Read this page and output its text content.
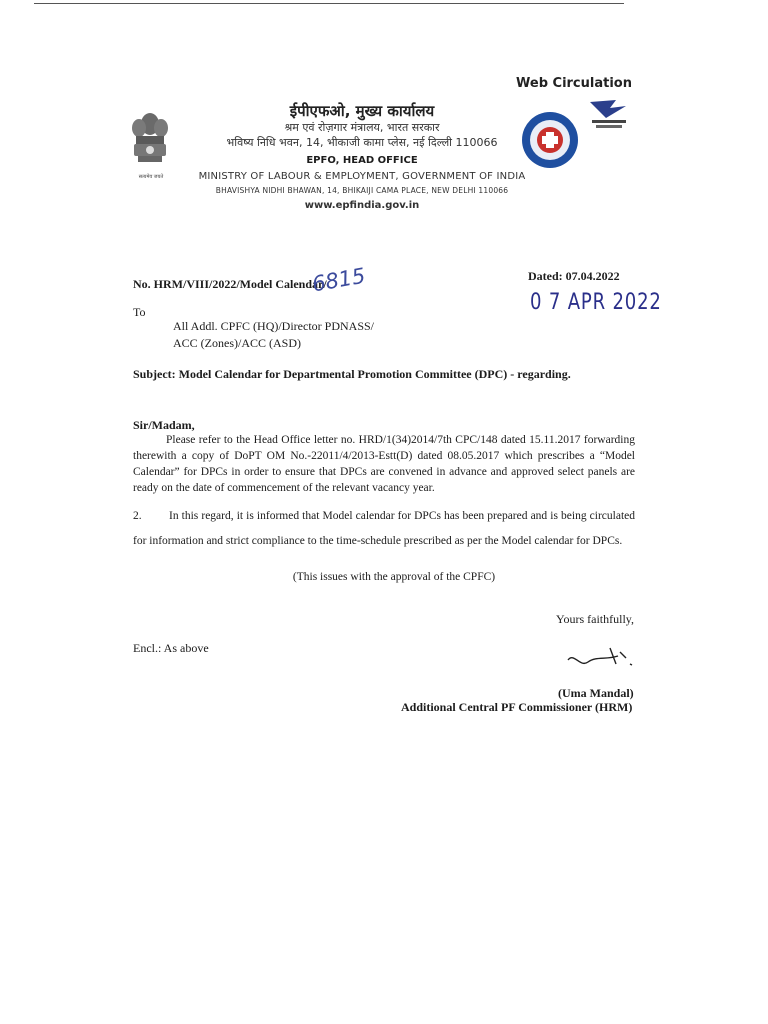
Web Circulation
सत्यमेव जयते
ईपीएफओ, मुख्य कार्यालय
श्रम एवं रोज़गार मंत्रालय, भारत सरकार
भविष्य निधि भवन, 14, भीकाजी कामा प्लेस, नई दिल्ली 110066
EPFO, HEAD OFFICE
MINISTRY OF LABOUR & EMPLOYMENT, GOVERNMENT OF INDIA
BHAVISHYA NIDHI BHAWAN, 14, BHIKAIJI CAMA PLACE, NEW DELHI 110066
www.epfindia.gov.in
No. HRM/VIII/2022/Model Calendar/
6815	Dated: 07.04.2022
0 7 APR 2022
To
All Addl. CPFC (HQ)/Director PDNASS/
ACC (Zones)/ACC (ASD)
Subject: Model Calendar for Departmental Promotion Committee (DPC) - regarding.
Sir/Madam,
Please refer to the Head Office letter no. HRD/1(34)2014/7th CPC/148 dated 15.11.2017 forwarding therewith a copy of DoPT OM No.-22011/4/2013-Estt(D) dated 08.05.2017 which prescribes a “Model Calendar” for DPCs in order to ensure that DPCs are convened in advance and approved select panels are ready on the date of commencement of the relevant vacancy year.
2. In this regard, it is informed that Model calendar for DPCs has been prepared and is being circulated for information and strict compliance to the time-schedule prescribed as per the Model calendar for DPCs.
(This issues with the approval of the CPFC)
Yours faithfully,
Encl.: As above
(Uma Mandal)
Additional Central PF Commissioner (HRM)
